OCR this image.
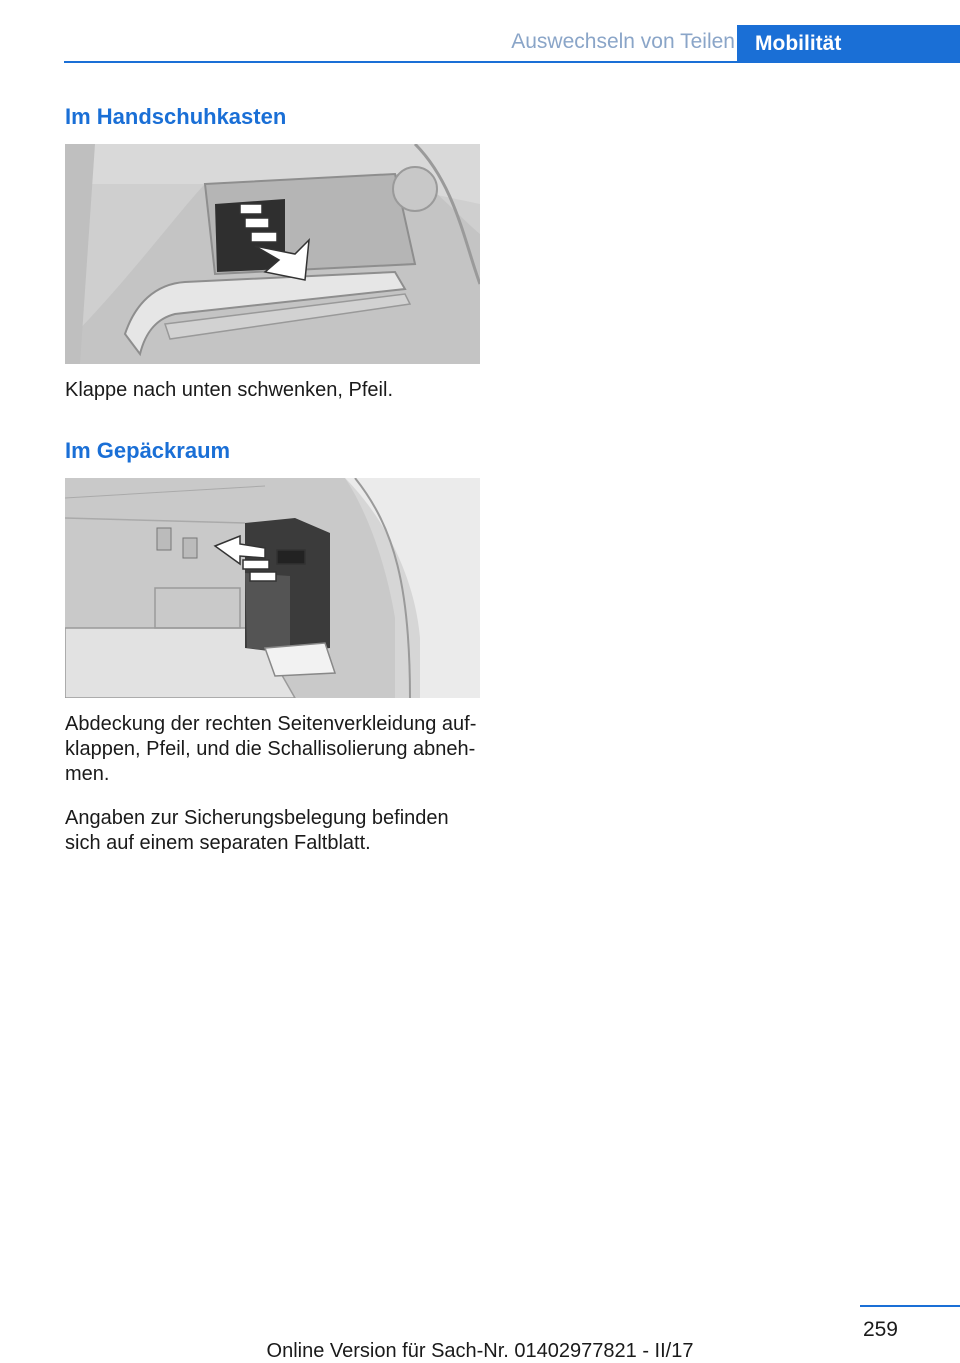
Auswechseln von Teilen Mobilität
Im Handschuhkasten
Klappe nach unten schwenken, Pfeil.
Im Gepäckraum
Abdeckung der rechten Seitenverkleidung auf-klappen, Pfeil, und die Schallisolierung abneh-men.
Angaben zur Sicherungsbelegung befinden sich auf einem separaten Faltblatt.
259
Online Version für Sach-Nr. 01402977821 - II/17
